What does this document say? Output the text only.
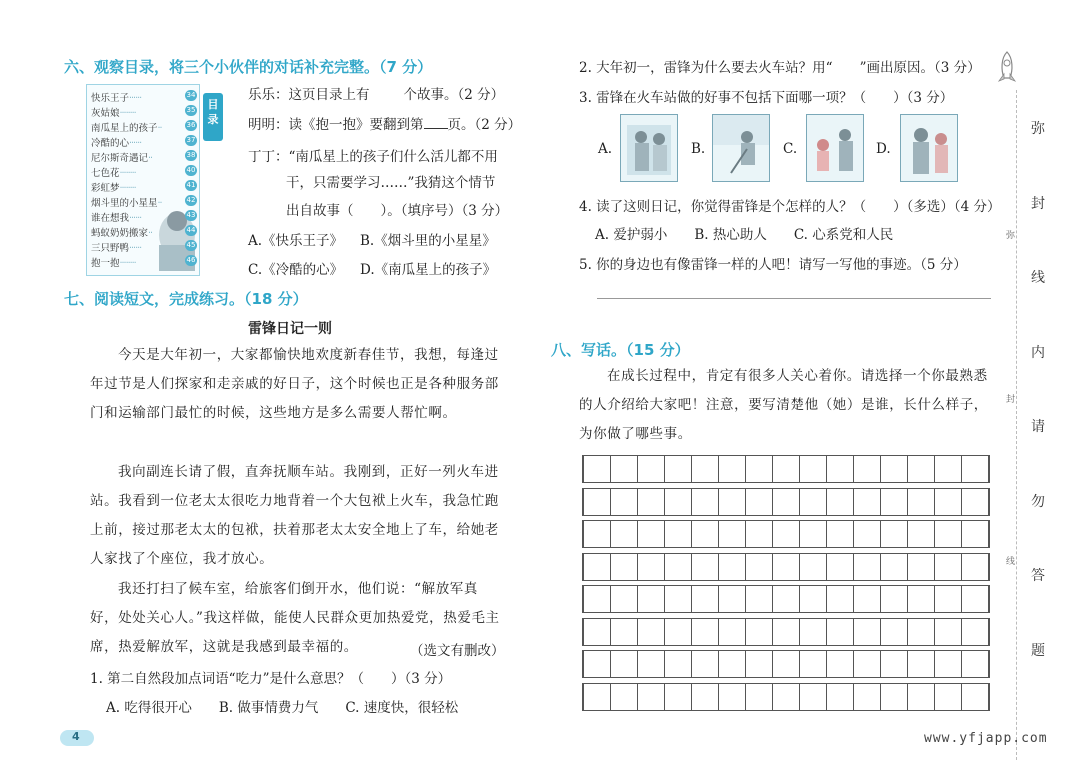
六、观察目录，将三个小伙伴的对话补充完整。（7 分）
目录
快乐王子······	34
灰姑娘········	35
南瓜星上的孩子··	36
冷酷的心······	37
尼尔斯奇遇记··	38
七色花········	40
彩虹梦········	41
烟斗里的小星星··	42
谁在想我······	43
蚂蚁奶奶搬家··	44
三只野鸭······	45
抱一抱········	46
乐乐：这页目录上有	个故事。（2 分）
明明：读《抱一抱》要翻到第 页。（2 分）
丁丁：“南瓜星上的孩子们什么活儿都不用
干，只需要学习……”我猜这个情节
出自故事（　　）。（填序号）（3 分）
A.《快乐王子》 B.《烟斗里的小星星》
C.《冷酷的心》 D.《南瓜星上的孩子》
七、阅读短文，完成练习。（18 分）
雷锋日记一则
今天是大年初一，大家都愉快地欢度新春佳节，我想，每逢过年过节是人们探家和走亲戚的好日子，这个时候也正是各种服务部门和运输部门最忙的时候，这些地方是多么需要人帮忙啊。
我向副连长请了假，直奔抚顺车站。我刚到，正好一列火车进站。我看到一位老太太很吃力地背着一个大包袱上火车，我急忙跑上前，接过那老太太的包袱，扶着那老太太安全地上了车，给她老人家找了个座位，我才放心。
我还打扫了候车室，给旅客们倒开水，他们说：“解放军真好，处处关心人。”我这样做，能使人民群众更加热爱党，热爱毛主席，热爱解放军，这就是我感到最幸福的。	（选文有删改）
1. 第二自然段加点词语“吃力”是什么意思？（　　）（3 分）
A. 吃得很开心　　B. 做事情费力气　　C. 速度快，很轻松
4
2. 大年初一，雷锋为什么要去火车站？用“　　”画出原因。（3 分）
3. 雷锋在火车站做的好事不包括下面哪一项？（　　）（3 分）
A.	B.	C.	D.
4. 读了这则日记，你觉得雷锋是个怎样的人？（　　）（多选）（4 分）
A. 爱护弱小　　B. 热心助人　　C. 心系党和人民
5. 你的身边也有像雷锋一样的人吧！请写一写他的事迹。（5 分）
八、写话。（15 分）
在成长过程中，肯定有很多人关心着你。请选择一个你最熟悉的人介绍给大家吧！注意，要写清楚他（她）是谁，长什么样子，为你做了哪些事。
弥
封
线
内
请
勿
答
题
弥
封
线
www.yfjapp.com
